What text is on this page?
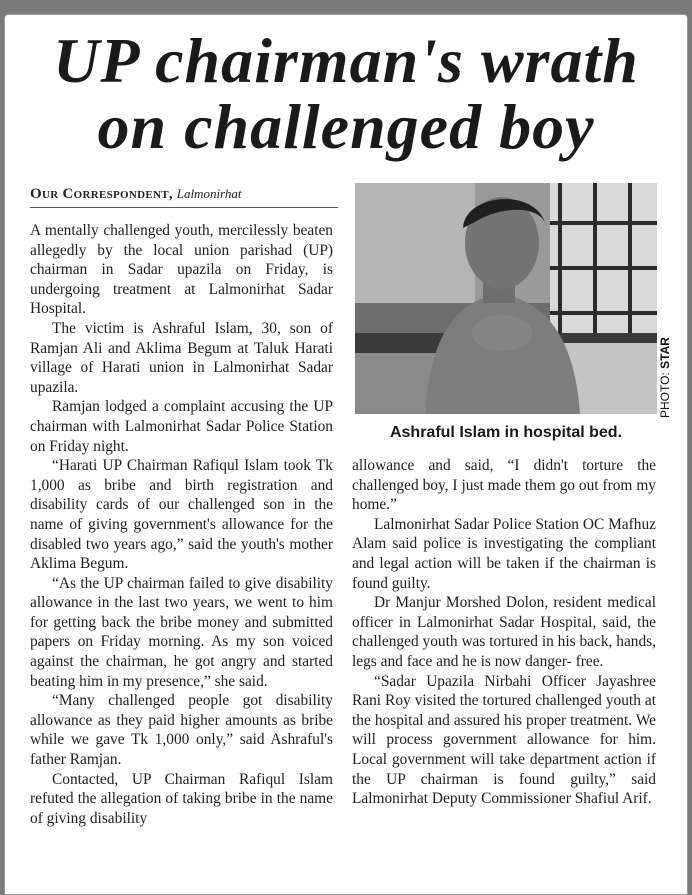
UP chairman's wrath
on challenged boy
Our Correspondent, Lalmonirhat

A mentally challenged youth, mercilessly beaten allegedly by the local union parishad (UP) chairman in Sadar upazila on Friday, is undergoing treatment at Lalmonirhat Sadar Hospital.

The victim is Ashraful Islam, 30, son of Ramjan Ali and Aklima Begum at Taluk Harati village of Harati union in Lalmonirhat Sadar upazila.

Ramjan lodged a complaint accusing the UP chairman with Lalmonirhat Sadar Police Station on Friday night.

“Harati UP Chairman Rafiqul Islam took Tk 1,000 as bribe and birth registration and disability cards of our challenged son in the name of giving government's allowance for the disabled two years ago,” said the youth's mother Aklima Begum.

“As the UP chairman failed to give disability allowance in the last two years, we went to him for getting back the bribe money and submitted papers on Friday morning. As my son voiced against the chairman, he got angry and started beating him in my presence,” she said.

“Many challenged people got disability allowance as they paid higher amounts as bribe while we gave Tk 1,000 only,” said Ashraful's father Ramjan.

Contacted, UP Chairman Rafiqul Islam refuted the allegation of taking bribe in the name of giving disability

PHOTO: STAR
Ashraful Islam in hospital bed.

allowance and said, “I didn't torture the challenged boy, I just made them go out from my home.”

Lalmonirhat Sadar Police Station OC Mafhuz Alam said police is investigating the compliant and legal action will be taken if the chairman is found guilty.

Dr Manjur Morshed Dolon, resident medical officer in Lalmonirhat Sadar Hospital, said, the challenged youth was tortured in his back, hands, legs and face and he is now danger- free.

“Sadar Upazila Nirbahi Officer Jayashree Rani Roy visited the tortured challenged youth at the hospital and assured his proper treatment. We will process government allowance for him. Local government will take department action if the UP chairman is found guilty,” said Lalmonirhat Deputy Commissioner Shafiul Arif.
